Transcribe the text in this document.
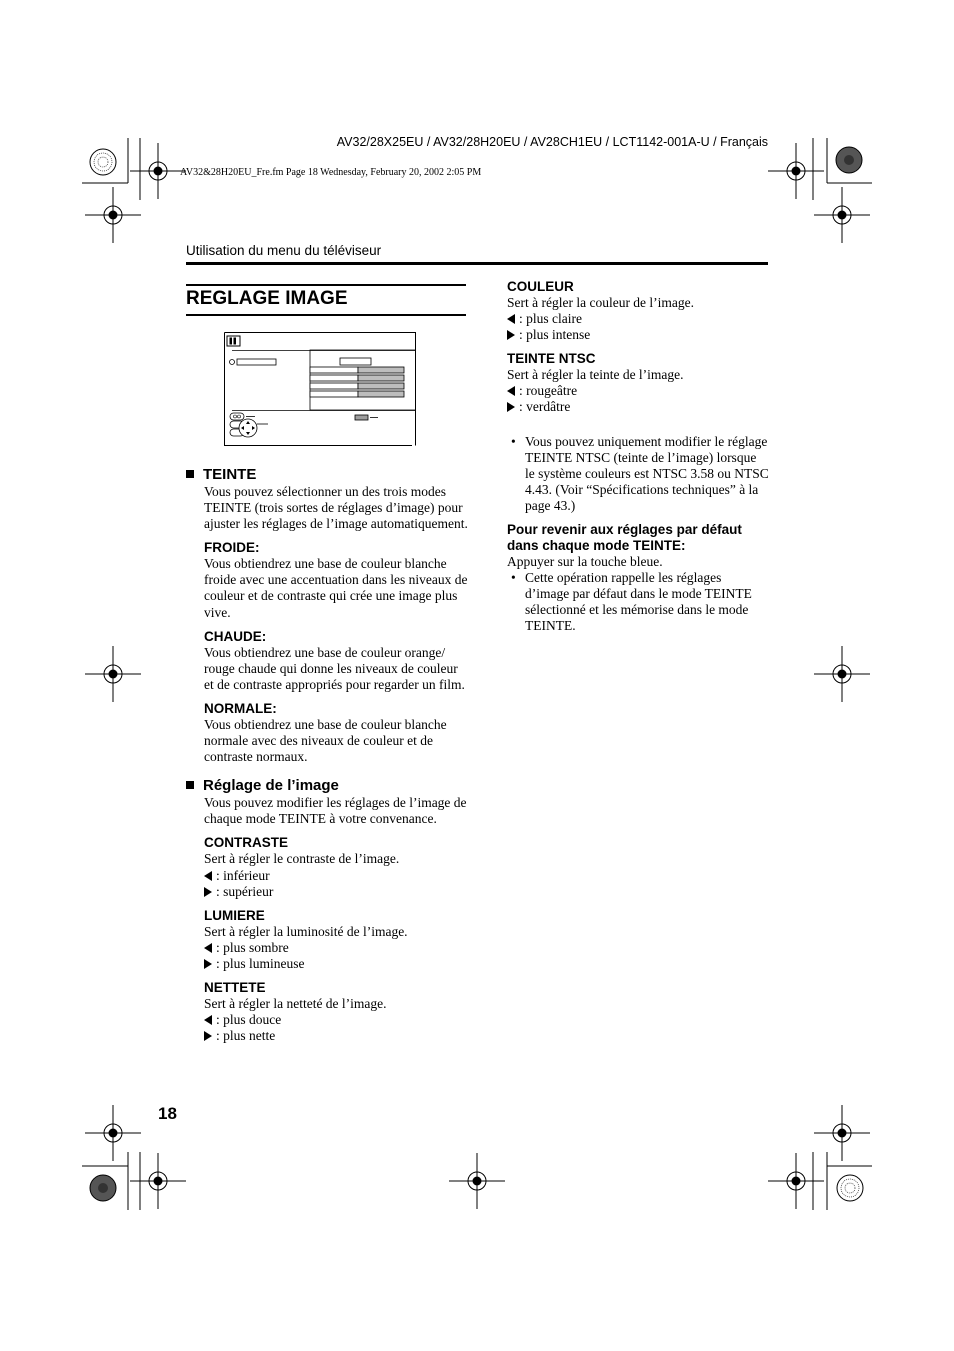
AV32/28X25EU / AV32/28H20EU / AV28CH1EU / LCT1142-001A-U / Français
AV32&28H20EU_Fre.fm Page 18 Wednesday, February 20, 2002 2:05 PM
Utilisation du menu du téléviseur
REGLAGE IMAGE
TEINTE

Vous pouvez sélectionner un des trois modes TEINTE (trois sortes de réglages d’image) pour ajuster les réglages de l’image automatiquement.

FROIDE:

Vous obtiendrez une base de couleur blanche froide avec une accentuation dans les niveaux de couleur et de contraste qui crée une image plus vive.

CHAUDE:

Vous obtiendrez une base de couleur orange/ rouge chaude qui donne les niveaux de couleur et de contraste appropriés pour regarder un film.

NORMALE:

Vous obtiendrez une base de couleur blanche normale avec des niveaux de couleur et de contraste normaux.

Réglage de l’image

Vous pouvez modifier les réglages de l’image de chaque mode TEINTE à votre convenance.

CONTRASTE

Sert à régler le contraste de l’image.

: inférieur

: supérieur

LUMIERE

Sert à régler la luminosité de l’image.

: plus sombre

: plus lumineuse

NETTETE

Sert à régler la netteté de l’image.

: plus douce

: plus nette

COULEUR

Sert à régler la couleur de l’image.

: plus claire

: plus intense

TEINTE NTSC

Sert à régler la teinte de l’image.

: rougeâtre

: verdâtre

• Vous pouvez uniquement modifier le réglage TEINTE NTSC (teinte de l’image) lorsque le système couleurs est NTSC 3.58 ou NTSC 4.43. (Voir “Spécifications techniques” à la page 43.)
Pour revenir aux réglages par défaut dans chaque mode TEINTE:

Appuyer sur la touche bleue.

• Cette opération rappelle les réglages d’image par défaut dans le mode TEINTE sélectionné et les mémorise dans le mode TEINTE.
18
